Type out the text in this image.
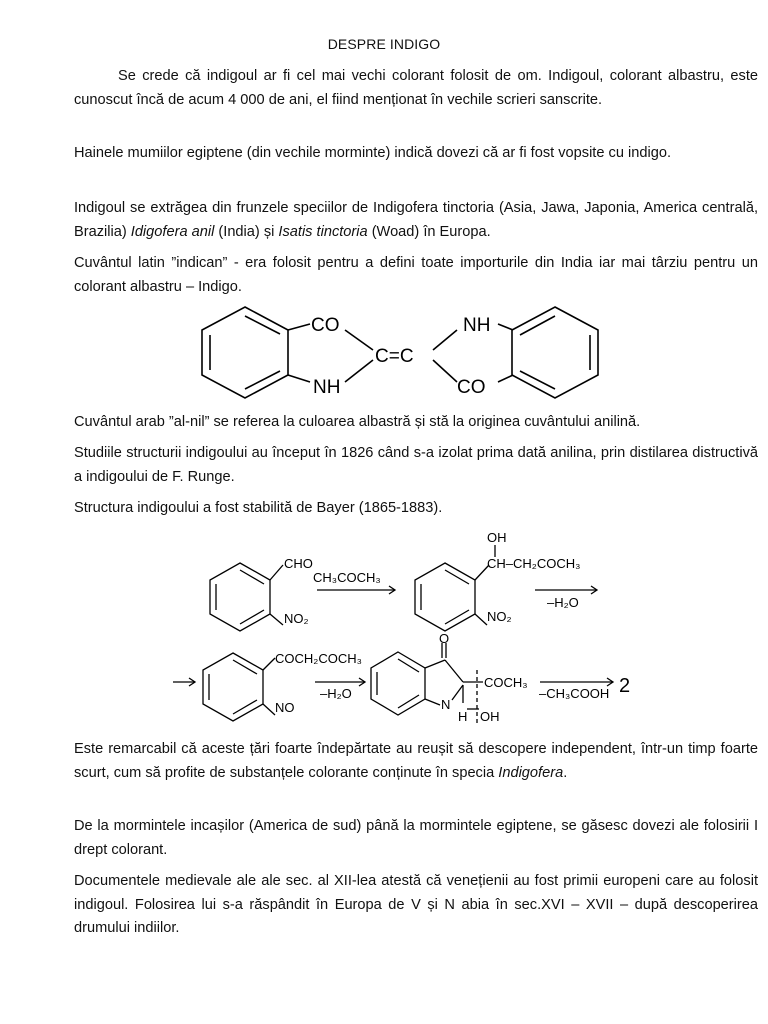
DESPRE INDIGO

Se crede că indigoul ar fi cel mai vechi colorant folosit de om. Indigoul, colorant albastru, este cunoscut încă de acum 4 000 de ani, el fiind menționat în vechile scrieri sanscrite.

Hainele mumiilor egiptene (din vechile morminte) indică dovezi că ar fi fost vopsite cu indigo.

Indigoul se extrăgea din frunzele speciilor de Indigofera tinctoria (Asia, Jawa, Japonia, America centrală, Brazilia) Idigofera anil (India) și Isatis tinctoria (Woad) în Europa.

Cuvântul latin ”indican” - era folosit pentru a defini toate importurile din India iar mai târziu pentru un colorant albastru – Indigo.

CO	NH
C=C
NH	CO

Cuvântul arab ”al-nil” se referea la culoarea albastră și stă la originea cuvântului anilină.

Studiile structurii indigoului au început în 1826 când s-a izolat prima dată anilina, prin distilarea distructivă a indigoului de F. Runge.

Structura indigoului a fost stabilită de Bayer (1865-1883).

CHO
NO₂
CH₃COCH₃
OH
CH–CH₂COCH₃
NO₂
–H₂O
COCH₂COCH₃
NO
–H₂O
O
COCH₃
N
H OH
–CH₃COOH 2

Este remarcabil că aceste țări foarte îndepărtate au reușit să descopere independent, într-un timp foarte scurt, cum să profite de substanțele colorante conținute în specia Indigofera.

De la mormintele incașilor (America de sud) până la mormintele egiptene, se găsesc dovezi ale folosirii I drept colorant.

Documentele medievale ale ale sec. al XII-lea atestă că venețienii au fost primii europeni care au folosit indigoul. Folosirea lui s-a răspândit în Europa de V și N abia în sec.XVI – XVII – după descoperirea drumului indiilor.
